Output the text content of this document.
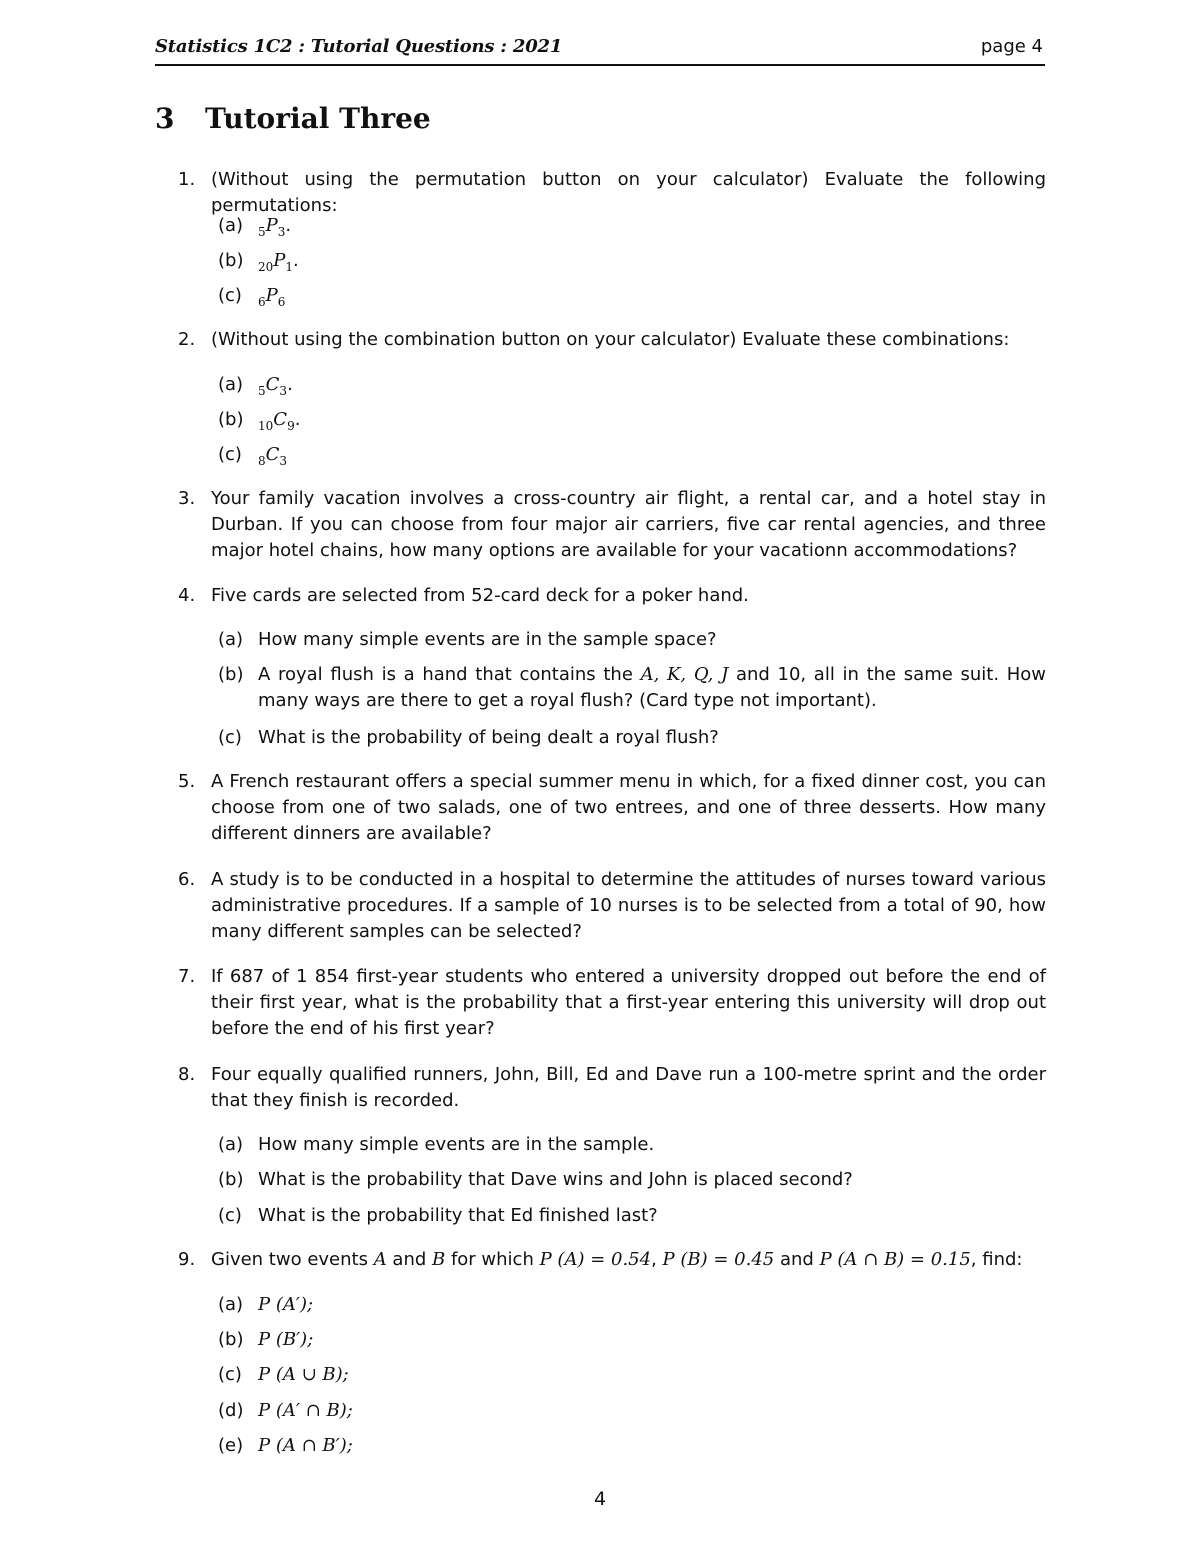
Statistics 1C2 : Tutorial Questions : 2021	page 4
3 Tutorial Three
1. (Without using the permutation button on your calculator) Evaluate the following permutations:
(a)	$_5P_3$.
(b)	$_{20}P_1$.
(c)	$_6P_6$
2. (Without using the combination button on your calculator) Evaluate these combinations:
(a)	$_5C_3$.
(b)	$_{10}C_9$.
(c)	$_8C_3$
3. Your family vacation involves a cross-country air flight, a rental car, and a hotel stay in Durban. If you can choose from four major air carriers, five car rental agencies, and three major hotel chains, how many options are available for your vacationn accommodations?
4. Five cards are selected from 52-card deck for a poker hand.
(a) How many simple events are in the sample space?
(b) A royal flush is a hand that contains the A, K, Q, J and 10, all in the same suit. How many ways are there to get a royal flush? (Card type not important).
(c) What is the probability of being dealt a royal flush?
5. A French restaurant offers a special summer menu in which, for a fixed dinner cost, you can choose from one of two salads, one of two entrees, and one of three desserts. How many different dinners are available?
6. A study is to be conducted in a hospital to determine the attitudes of nurses toward various administrative procedures. If a sample of 10 nurses is to be selected from a total of 90, how many different samples can be selected?
7. If 687 of 1 854 first-year students who entered a university dropped out before the end of their first year, what is the probability that a first-year entering this university will drop out before the end of his first year?
8. Four equally qualified runners, John, Bill, Ed and Dave run a 100-metre sprint and the order that they finish is recorded.
(a) How many simple events are in the sample.
(b) What is the probability that Dave wins and John is placed second?
(c) What is the probability that Ed finished last?
9. Given two events A and B for which P (A) = 0.54, P (B) = 0.45 and P (A ∩ B) = 0.15, find:
(a) P (A′);
(b) P (B′);
(c) P (A ∪ B);
(d) P (A′ ∩ B);
(e) P (A ∩ B′);
4
